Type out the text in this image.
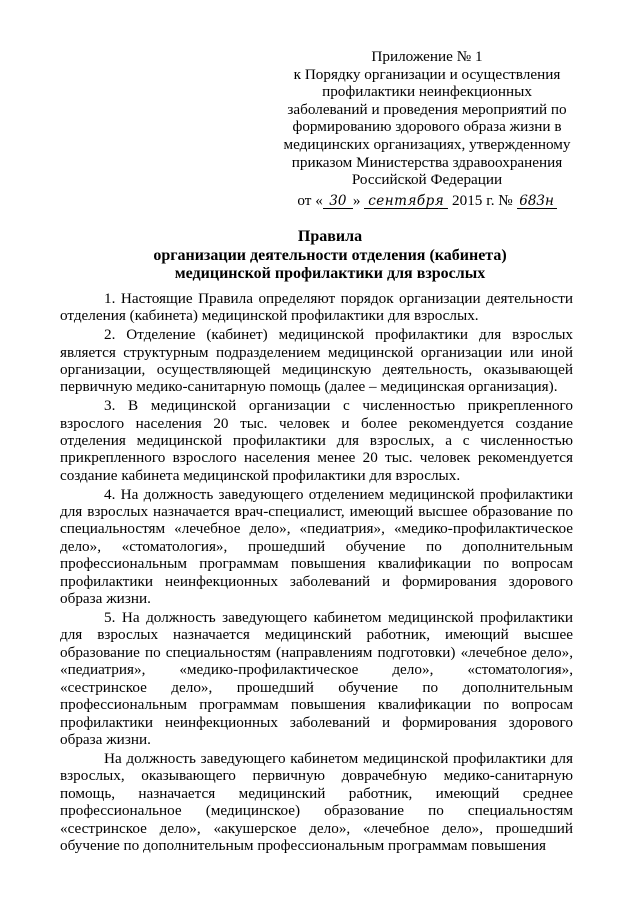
Приложение № 1
к Порядку организации и осуществления
профилактики неинфекционных
заболеваний и проведения мероприятий по
формированию здорового образа жизни в
медицинских организациях, утвержденному
приказом Министерства здравоохранения
Российской Федерации
от « 30 » сентября 2015 г. № 683н
Правила
организации деятельности отделения (кабинета)
медицинской профилактики для взрослых

1. Настоящие Правила определяют порядок организации деятельности отделения (кабинета) медицинской профилактики для взрослых.

2. Отделение (кабинет) медицинской профилактики для взрослых является структурным подразделением медицинской организации или иной организации, осуществляющей медицинскую деятельность, оказывающей первичную медико-санитарную помощь (далее – медицинская организация).

3. В медицинской организации с численностью прикрепленного взрослого населения 20 тыс. человек и более рекомендуется создание отделения медицинской профилактики для взрослых, а с численностью прикрепленного взрослого населения менее 20 тыс. человек рекомендуется создание кабинета медицинской профилактики для взрослых.

4. На должность заведующего отделением медицинской профилактики для взрослых назначается врач-специалист, имеющий высшее образование по специальностям «лечебное дело», «педиатрия», «медико-профилактическое дело», «стоматология», прошедший обучение по дополнительным профессиональным программам повышения квалификации по вопросам профилактики неинфекционных заболеваний и формирования здорового образа жизни.

5. На должность заведующего кабинетом медицинской профилактики для взрослых назначается медицинский работник, имеющий высшее образование по специальностям (направлениям подготовки) «лечебное дело», «педиатрия», «медико-профилактическое дело», «стоматология», «сестринское дело», прошедший обучение по дополнительным профессиональным программам повышения квалификации по вопросам профилактики неинфекционных заболеваний и формирования здорового образа жизни.

На должность заведующего кабинетом медицинской профилактики для взрослых, оказывающего первичную доврачебную медико-санитарную помощь, назначается медицинский работник, имеющий среднее профессиональное (медицинское) образование по специальностям «сестринское дело», «акушерское дело», «лечебное дело», прошедший обучение по дополнительным профессиональным программам повышения
